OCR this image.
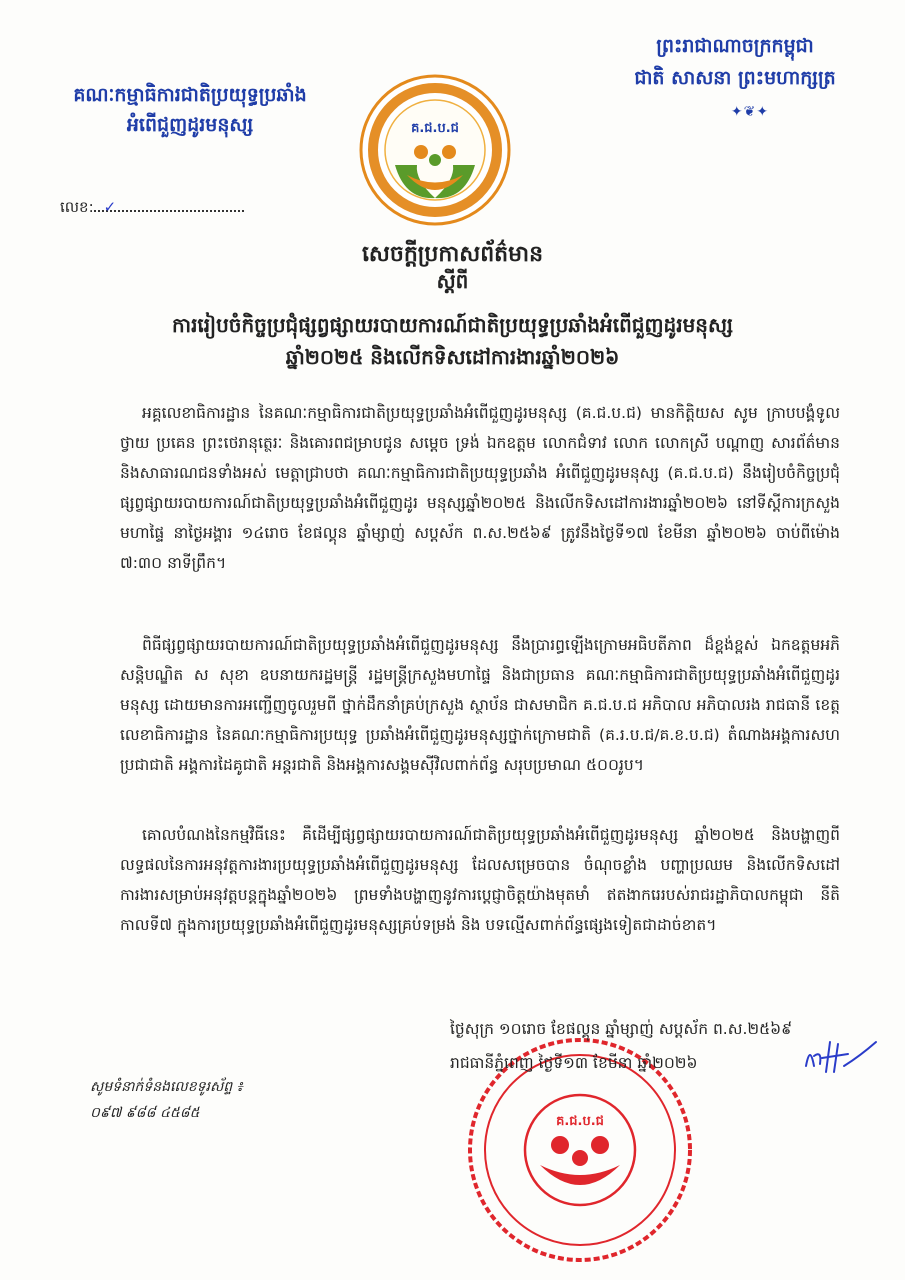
គណៈកម្មាធិការជាតិប្រយុទ្ធប្រឆាំង
អំពើជួញដូរមនុស្ស
ព្រះរាជាណាចក្រកម្ពុជា
ជាតិ សាសនា ព្រះមហាក្សត្រ
✦❦✦
គ.ជ.ប.ជ
លេខ: ✓
សេចក្ដីប្រកាសព័ត៌មាន
ស្ដីពី
ការរៀបចំកិច្ចប្រជុំផ្សព្វផ្សាយរបាយការណ៍ជាតិប្រយុទ្ធប្រឆាំងអំពើជួញដូរមនុស្ស
ឆ្នាំ២០២៥ និងលើកទិសដៅការងារឆ្នាំ២០២៦

អគ្គលេខាធិការដ្ឋាន នៃគណៈកម្មាធិការជាតិប្រយុទ្ធប្រឆាំងអំពើជួញដូរមនុស្ស (គ.ជ.ប.ជ) មានកិត្តិយស សូម ក្រាបបង្គំទូលថ្វាយ ប្រគេន ព្រះថេរានុត្ថេរៈ និងគោរពជម្រាបជូន សម្ដេច ទ្រង់ ឯកឧត្ដម លោកជំទាវ លោក លោកស្រី បណ្ដាញ សារព័ត៌មាន និងសាធារណជនទាំងអស់ មេត្តាជ្រាបថា គណៈកម្មាធិការជាតិប្រយុទ្ធប្រឆាំង អំពើជួញដូរមនុស្ស (គ.ជ.ប.ជ) នឹងរៀបចំកិច្ចប្រជុំផ្សព្វផ្សាយរបាយការណ៍ជាតិប្រយុទ្ធប្រឆាំងអំពើជួញដូរ មនុស្សឆ្នាំ២០២៥ និងលើកទិសដៅការងារឆ្នាំ២០២៦ នៅទីស្ដីការក្រសួងមហាផ្ទៃ នាថ្ងៃអង្គារ ១៤រោច ខែផល្គុន ឆ្នាំម្សាញ់ សប្តស័ក ព.ស.២៥៦៩ ត្រូវនឹងថ្ងៃទី១៧ ខែមីនា ឆ្នាំ២០២៦ ចាប់ពីម៉ោង ៧:៣០ នាទីព្រឹក។

ពិធីផ្សព្វផ្សាយរបាយការណ៍ជាតិប្រយុទ្ធប្រឆាំងអំពើជួញដូរមនុស្ស នឹងប្រារព្ធឡើងក្រោមអធិបតីភាព ដ៏ខ្ពង់ខ្ពស់ ឯកឧត្ដមអភិសន្តិបណ្ឌិត ស សុខា ឧបនាយករដ្ឋមន្ត្រី រដ្ឋមន្ត្រីក្រសួងមហាផ្ទៃ និងជាប្រធាន គណៈកម្មាធិការជាតិប្រយុទ្ធប្រឆាំងអំពើជួញដូរមនុស្ស ដោយមានការអញ្ជើញចូលរួមពី ថ្នាក់ដឹកនាំគ្រប់ក្រសួង ស្ថាប័ន ជាសមាជិក គ.ជ.ប.ជ អភិបាល អភិបាលរង រាជធានី ខេត្ត លេខាធិការដ្ឋាន នៃគណៈកម្មាធិការប្រយុទ្ធ ប្រឆាំងអំពើជួញដូរមនុស្សថ្នាក់ក្រោមជាតិ (គ.រ.ប.ជ/គ.ខ.ប.ជ) តំណាងអង្គការសហប្រជាជាតិ អង្គការដៃគូជាតិ អន្តរជាតិ និងអង្គការសង្គមស៊ីវិលពាក់ព័ន្ធ សរុបប្រមាណ ៥០០រូប។

គោលបំណងនៃកម្មវិធីនេះ គឺដើម្បីផ្សព្វផ្សាយរបាយការណ៍ជាតិប្រយុទ្ធប្រឆាំងអំពើជួញដូរមនុស្ស ឆ្នាំ២០២៥ និងបង្ហាញពីលទ្ធផលនៃការអនុវត្តការងារប្រយុទ្ធប្រឆាំងអំពើជួញដូរមនុស្ស ដែលសម្រេចបាន ចំណុចខ្លាំង បញ្ហាប្រឈម និងលើកទិសដៅការងារសម្រាប់អនុវត្តបន្តក្នុងឆ្នាំ២០២៦ ព្រមទាំងបង្ហាញនូវការប្ដេជ្ញាចិត្តយ៉ាងមុតមាំ ឥតងាករេរបស់រាជរដ្ឋាភិបាលកម្ពុជា នីតិកាលទី៧ ក្នុងការប្រយុទ្ធប្រឆាំងអំពើជួញដូរមនុស្សគ្រប់ទម្រង់ និង បទល្មើសពាក់ព័ន្ធផ្សេងទៀតជាដាច់ខាត។

គ.ជ.ប.ជ
ថ្ងៃសុក្រ ១០រោច ខែផល្គុន ឆ្នាំម្សាញ់ សប្តស័ក ព.ស.២៥៦៩
រាជធានីភ្នំពេញ ថ្ងៃទី១៣ ខែមីនា ឆ្នាំ២០២៦
សូមទំនាក់ទំនងលេខទូរស័ព្ទ ៖
០៩៧ ៩៨៨ ៤៥៨៥
